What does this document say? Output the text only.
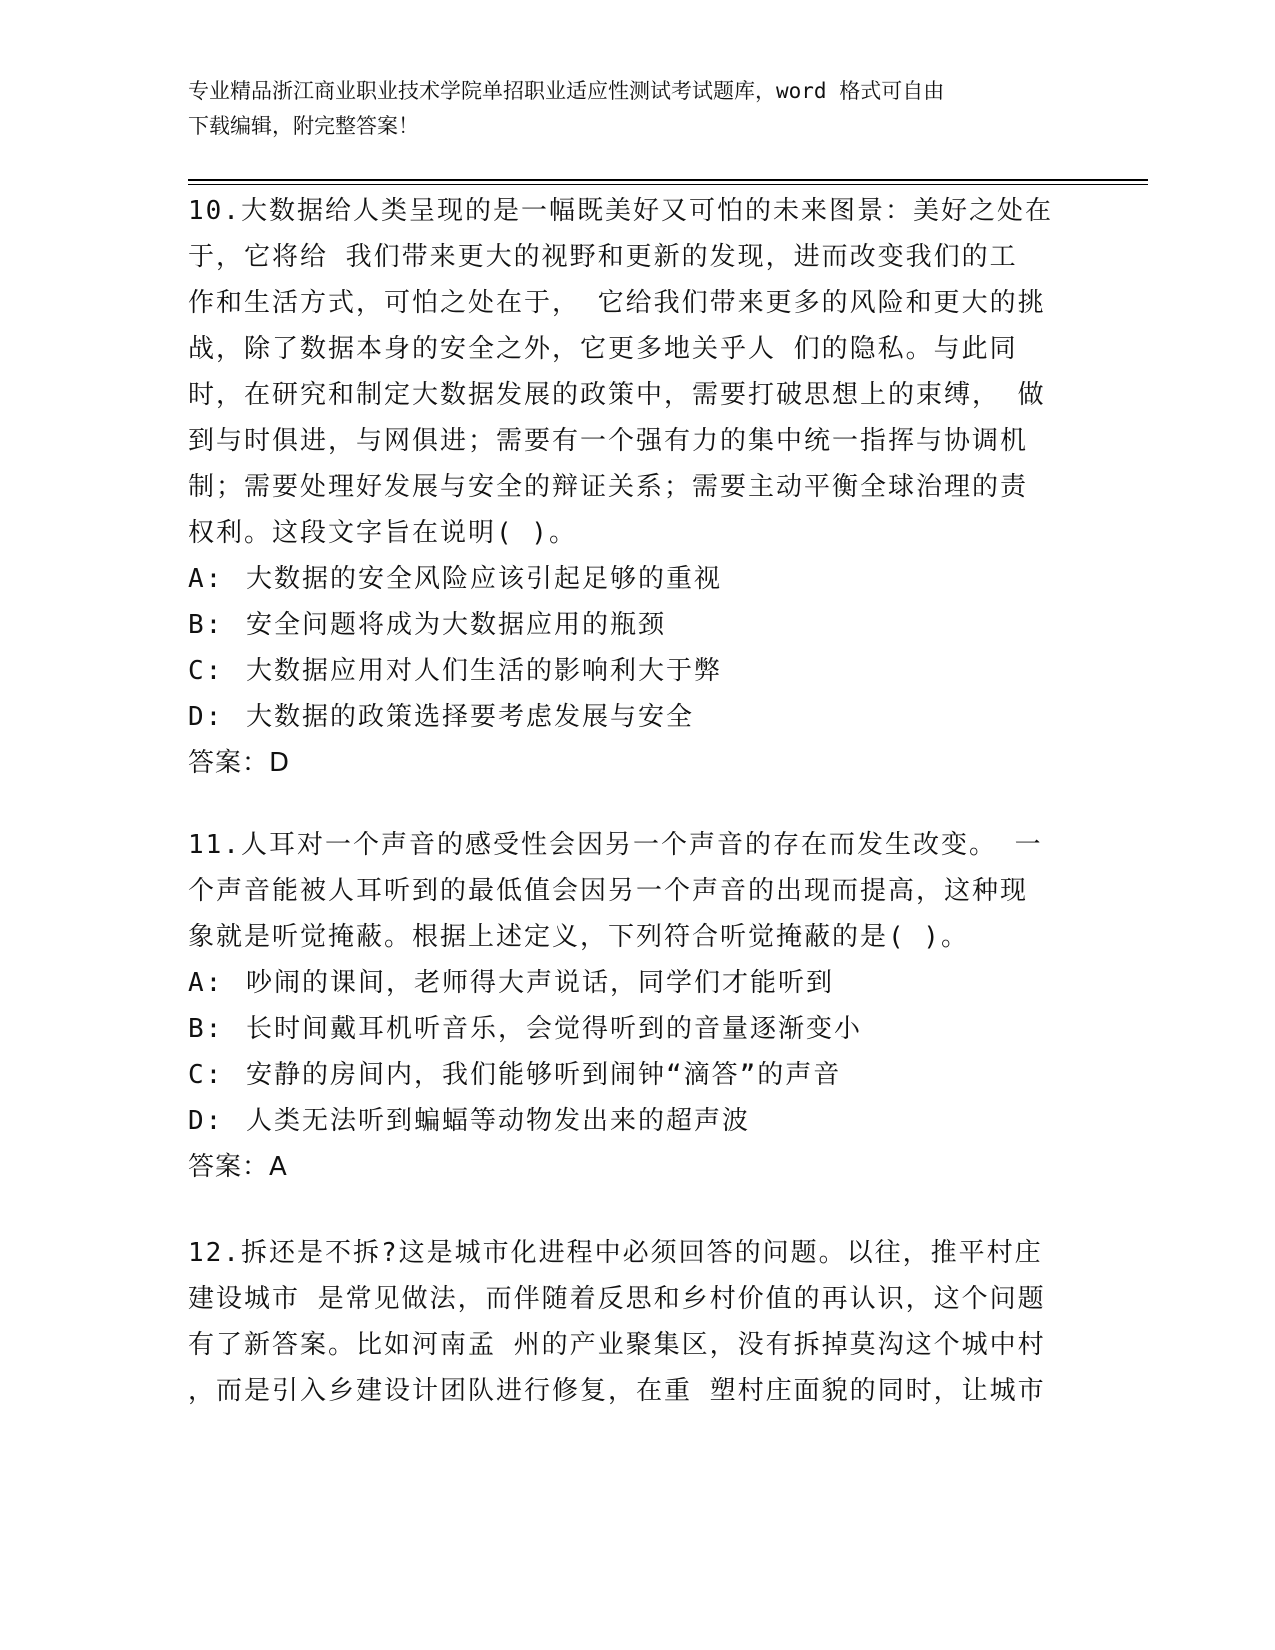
专业精品浙江商业职业技术学院单招职业适应性测试考试题库，word 格式可自由
下载编辑，附完整答案！

10.大数据给人类呈现的是一幅既美好又可怕的未来图景：美好之处在

于，它将给 我们带来更大的视野和更新的发现，进而改变我们的工

作和生活方式，可怕之处在于， 它给我们带来更多的风险和更大的挑

战，除了数据本身的安全之外，它更多地关乎人 们的隐私。与此同

时，在研究和制定大数据发展的政策中，需要打破思想上的束缚， 做

到与时俱进，与网俱进；需要有一个强有力的集中统一指挥与协调机

制；需要处理好发展与安全的辩证关系；需要主动平衡全球治理的责

权利。这段文字旨在说明( )。

A: 大数据的安全风险应该引起足够的重视

B: 安全问题将成为大数据应用的瓶颈

C: 大数据应用对人们生活的影响利大于弊

D: 大数据的政策选择要考虑发展与安全

答案：D

11.人耳对一个声音的感受性会因另一个声音的存在而发生改变。 一

个声音能被人耳听到的最低值会因另一个声音的出现而提高，这种现

象就是听觉掩蔽。根据上述定义，下列符合听觉掩蔽的是( )。

A: 吵闹的课间，老师得大声说话，同学们才能听到

B: 长时间戴耳机听音乐，会觉得听到的音量逐渐变小

C: 安静的房间内，我们能够听到闹钟“滴答”的声音

D: 人类无法听到蝙蝠等动物发出来的超声波

答案：A

12.拆还是不拆?这是城市化进程中必须回答的问题。以往，推平村庄

建设城市 是常见做法，而伴随着反思和乡村价值的再认识，这个问题

有了新答案。比如河南孟 州的产业聚集区，没有拆掉莫沟这个城中村

，而是引入乡建设计团队进行修复，在重 塑村庄面貌的同时，让城市
